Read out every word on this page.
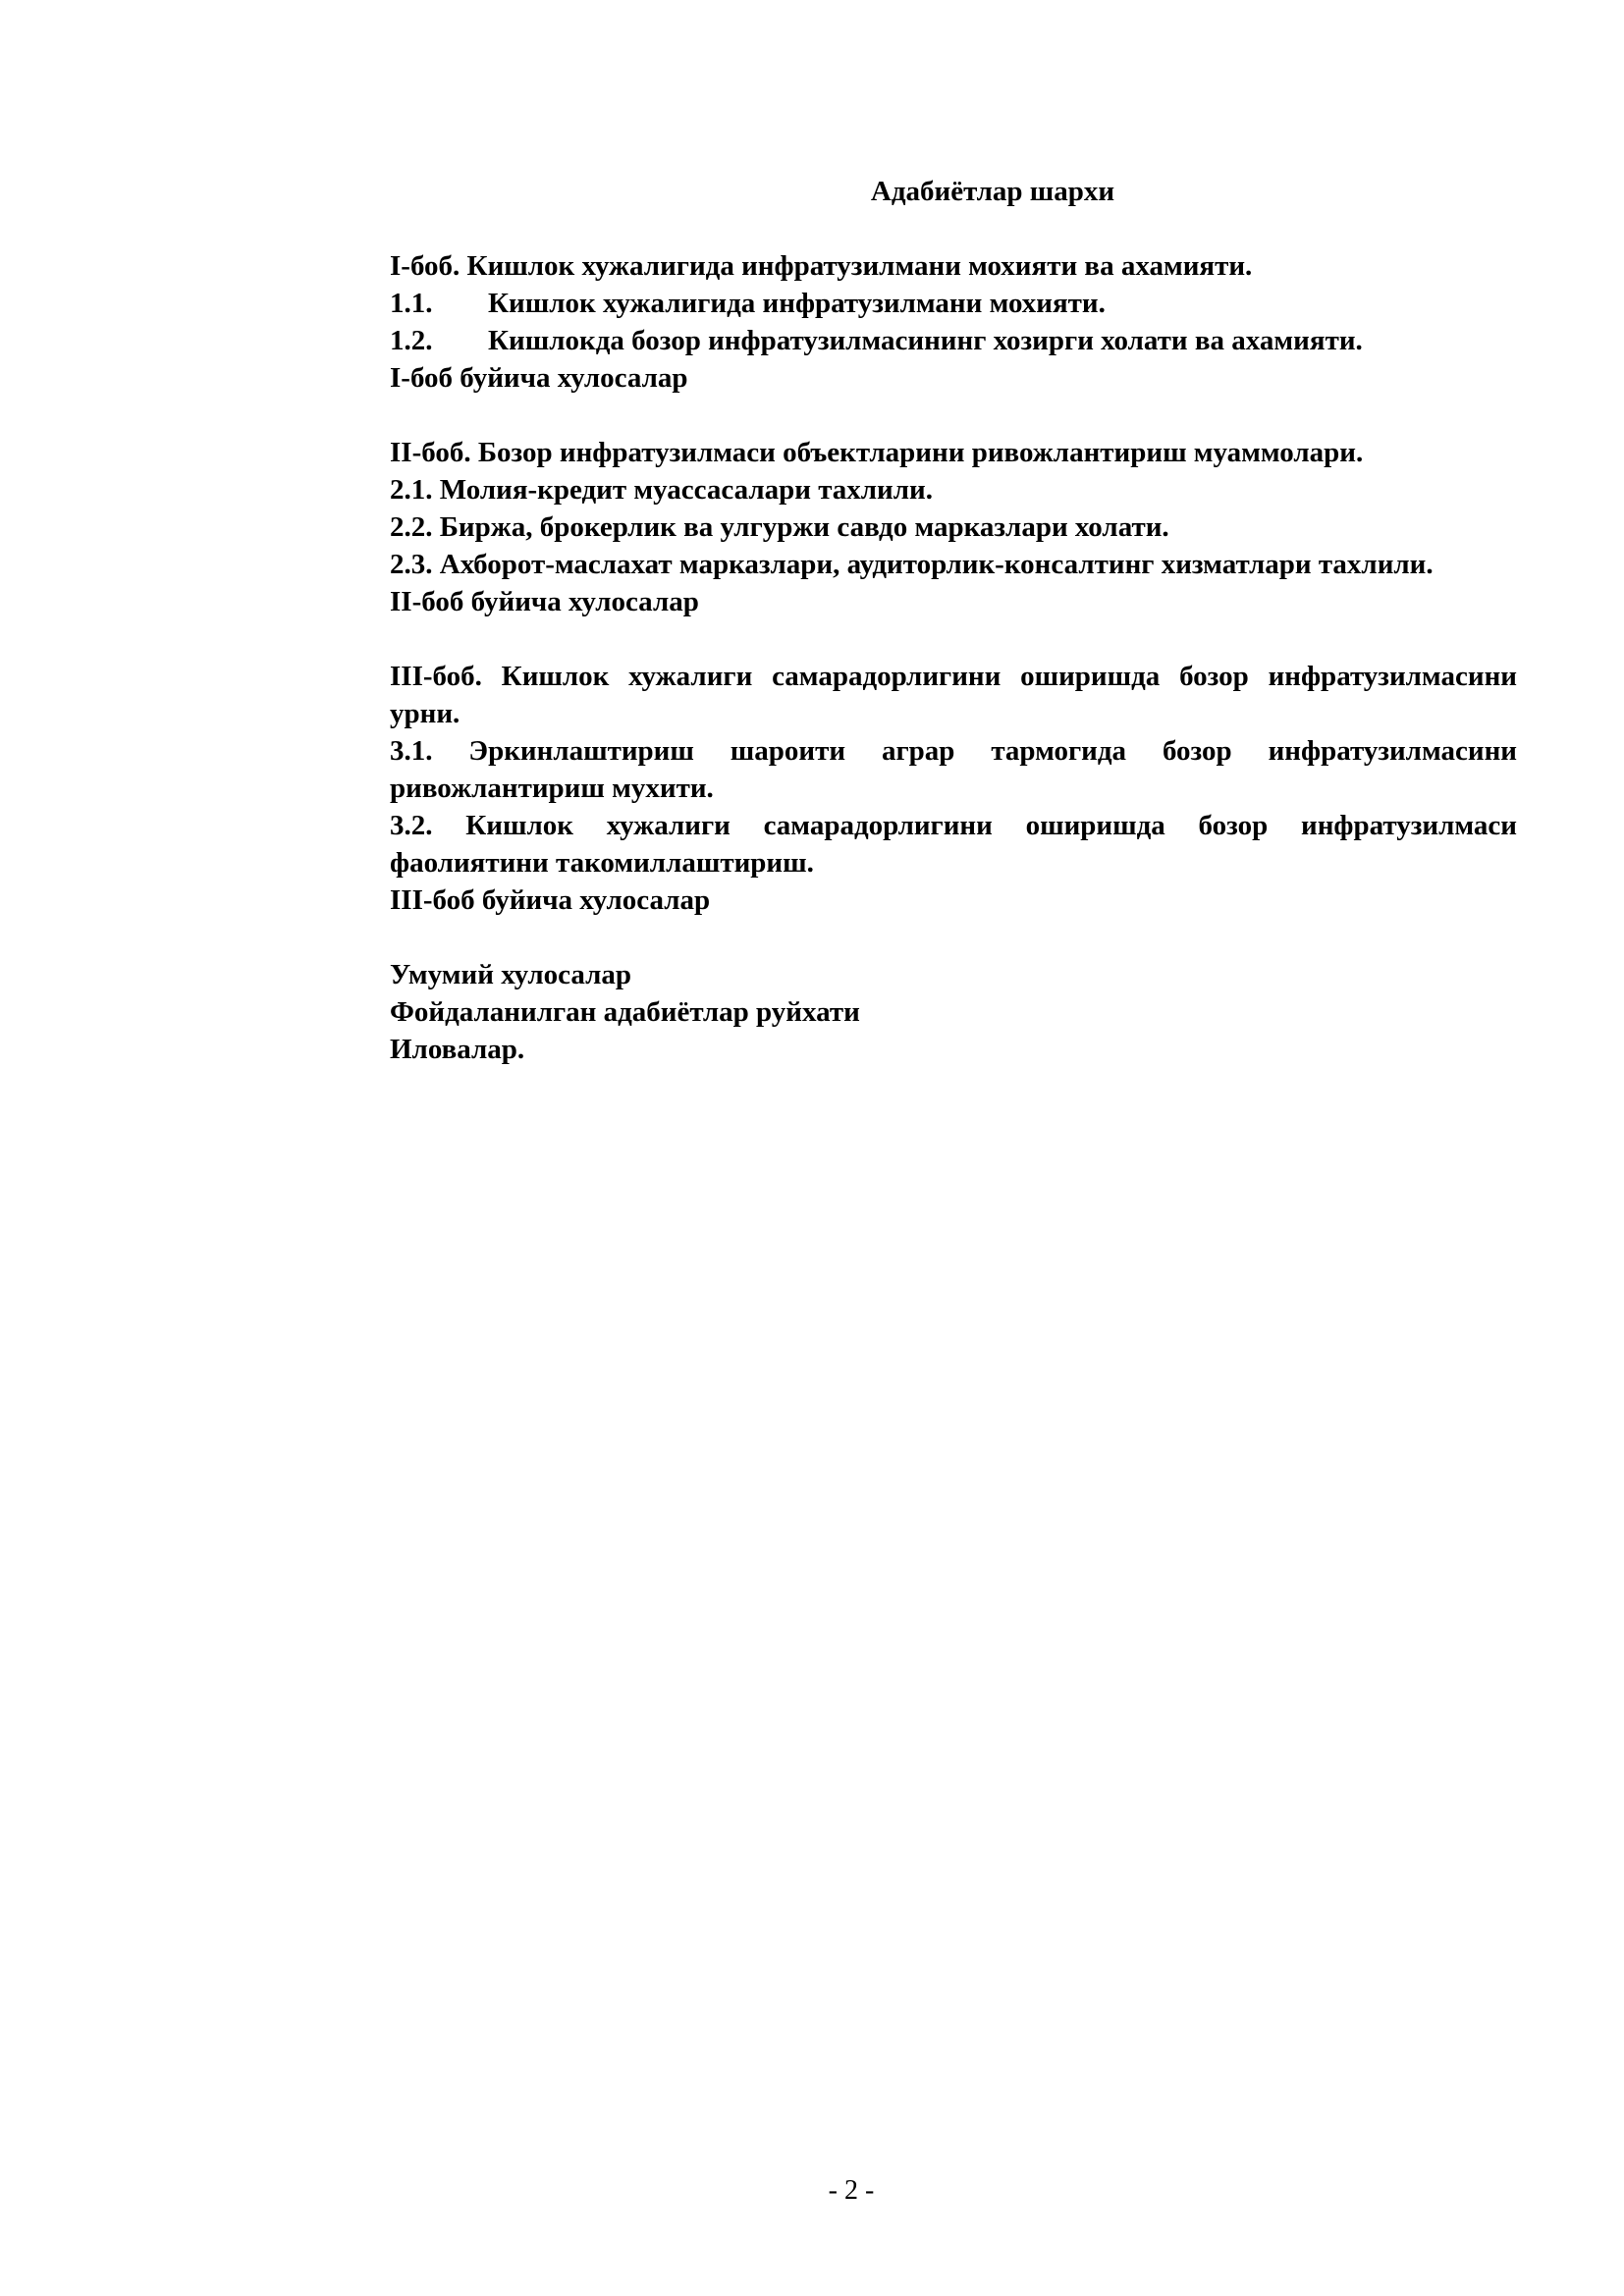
Адабиётлар шархи
I-боб. Кишлок хужалигида инфратузилмани мохияти ва ахамияти.
1.1.	Кишлок хужалигида инфратузилмани мохияти.
1.2.	Кишлокда бозор инфратузилмасининг хозирги холати ва ахамияти.
I-боб буйича хулосалар
II-боб. Бозор инфратузилмаси объектларини ривожлантириш муаммолари.
2.1. Молия-кредит муассасалари тахлили.
2.2. Биржа, брокерлик ва улгуржи савдо марказлари холати.
2.3. Ахборот-маслахат марказлари, аудиторлик-консалтинг хизматлари тахлили.
II-боб буйича хулосалар
III-боб. Кишлок хужалиги самарадорлигини оширишда бозор инфратузилмасини урни.
3.1. Эркинлаштириш шароити аграр тармогида бозор инфратузилмасини ривожлантириш мухити.
3.2. Кишлок хужалиги самарадорлигини оширишда бозор инфратузилмаси фаолиятини такомиллаштириш.
III-боб буйича хулосалар
Умумий хулосалар
Фойдаланилган адабиётлар руйхати
Иловалар.
- 2 -
